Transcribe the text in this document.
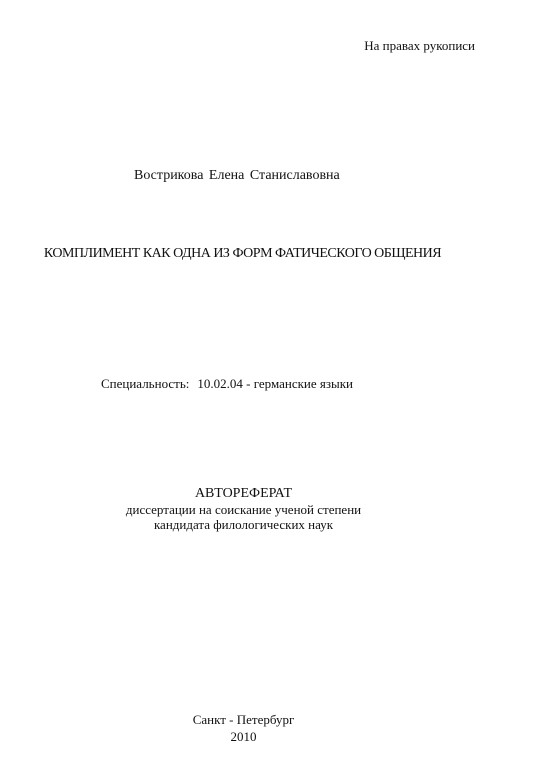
На правах рукописи
Вострикова Елена Станиславовна
КОМПЛИМЕНТ КАК ОДНА ИЗ ФОРМ ФАТИЧЕСКОГО ОБЩЕНИЯ
Специальность: 10.02.04 - германские языки
АВТОРЕФЕРАТ
диссертации на соискание ученой степени
кандидата филологических наук
Санкт - Петербург
2010
